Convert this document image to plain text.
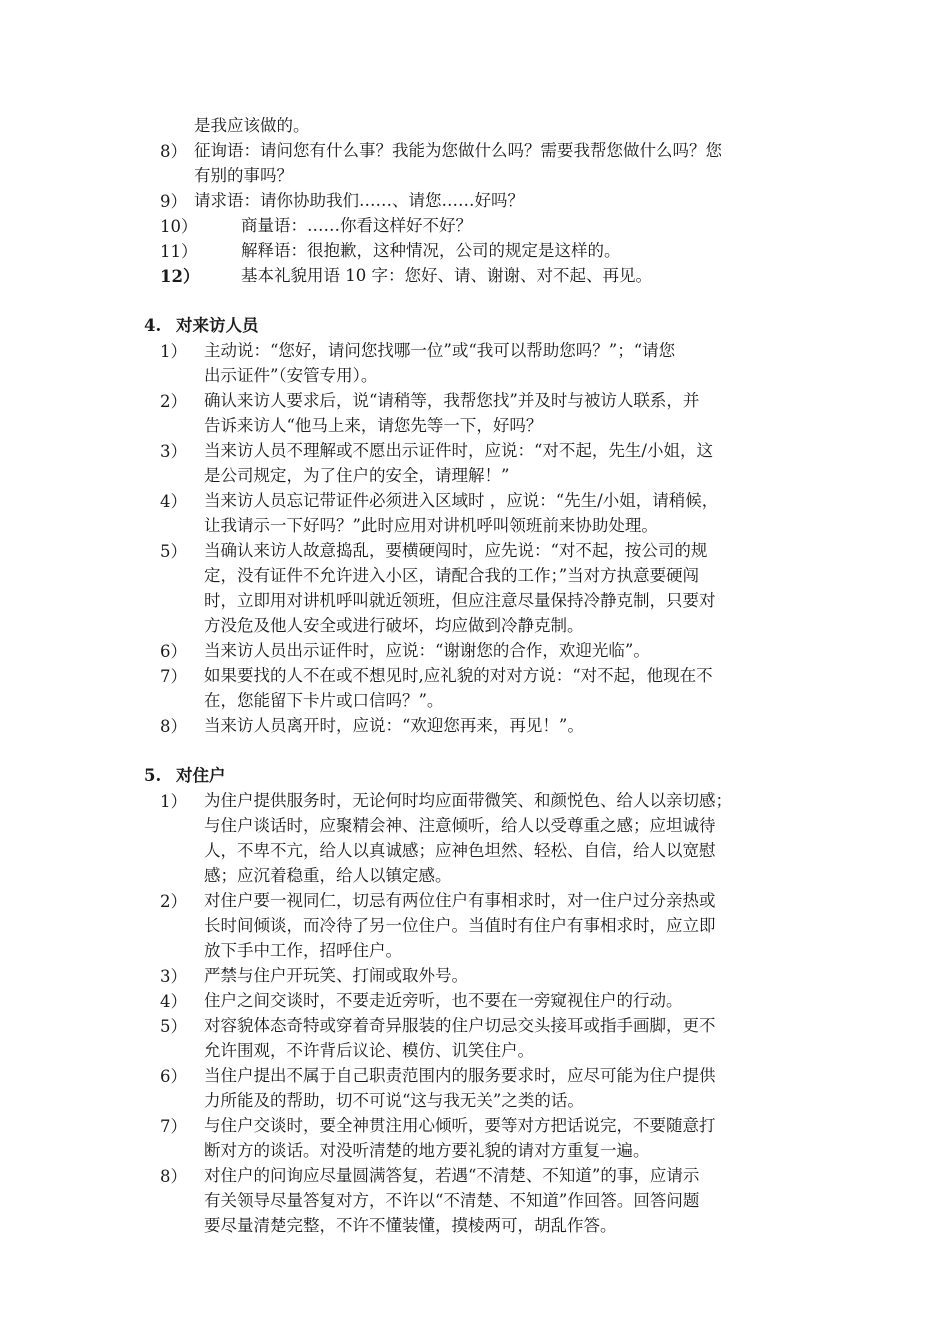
是我应该做的。
8） 征询语：请问您有什么事？我能为您做什么吗？需要我帮您做什么吗？您
有别的事吗？
9） 请求语：请你协助我们……、请您……好吗？
10）	商量语：……你看这样好不好？
11）	解释语：很抱歉，这种情况，公司的规定是这样的。
12）	基本礼貌用语 10 字：您好、请、谢谢、对不起、再见。
4. 对来访人员
1） 主动说：“您好，请问您找哪一位”或“我可以帮助您吗？”；“请您
出示证件”（安管专用）。
2） 确认来访人要求后，说“请稍等，我帮您找”并及时与被访人联系，并
告诉来访人“他马上来，请您先等一下，好吗？
3） 当来访人员不理解或不愿出示证件时，应说：“对不起，先生/小姐，这
是公司规定，为了住户的安全，请理解！”
4） 当来访人员忘记带证件必须进入区域时 ，应说：“先生/小姐，请稍候，
让我请示一下好吗？”此时应用对讲机呼叫领班前来协助处理。
5） 当确认来访人故意捣乱，要横硬闯时，应先说：“对不起，按公司的规
定，没有证件不允许进入小区，请配合我的工作；”当对方执意要硬闯
时，立即用对讲机呼叫就近领班，但应注意尽量保持冷静克制，只要对
方没危及他人安全或进行破坏，均应做到冷静克制。
6） 当来访人员出示证件时，应说：“谢谢您的合作，欢迎光临”。
7） 如果要找的人不在或不想见时,应礼貌的对对方说：“对不起，他现在不
在，您能留下卡片或口信吗？”。
8） 当来访人员离开时，应说：“欢迎您再来，再见！”。
5. 对住户
1） 为住户提供服务时，无论何时均应面带微笑、和颜悦色、给人以亲切感；
与住户谈话时，应聚精会神、注意倾听，给人以受尊重之感；应坦诚待
人，不卑不亢，给人以真诚感；应神色坦然、轻松、自信，给人以宽慰
感；应沉着稳重，给人以镇定感。
2） 对住户要一视同仁，切忌有两位住户有事相求时，对一住户过分亲热或
长时间倾谈，而冷待了另一位住户。当值时有住户有事相求时，应立即
放下手中工作，招呼住户。
3） 严禁与住户开玩笑、打闹或取外号。
4） 住户之间交谈时，不要走近旁听，也不要在一旁窥视住户的行动。
5） 对容貌体态奇特或穿着奇异服装的住户切忌交头接耳或指手画脚，更不
允许围观，不许背后议论、模仿、讥笑住户。
6） 当住户提出不属于自己职责范围内的服务要求时，应尽可能为住户提供
力所能及的帮助，切不可说“这与我无关”之类的话。
7） 与住户交谈时，要全神贯注用心倾听，要等对方把话说完，不要随意打
断对方的谈话。对没听清楚的地方要礼貌的请对方重复一遍。
8） 对住户的问询应尽量圆满答复，若遇“不清楚、不知道”的事，应请示
有关领导尽量答复对方，不许以“不清楚、不知道”作回答。回答问题
要尽量清楚完整，不许不懂装懂，摸棱两可，胡乱作答。
